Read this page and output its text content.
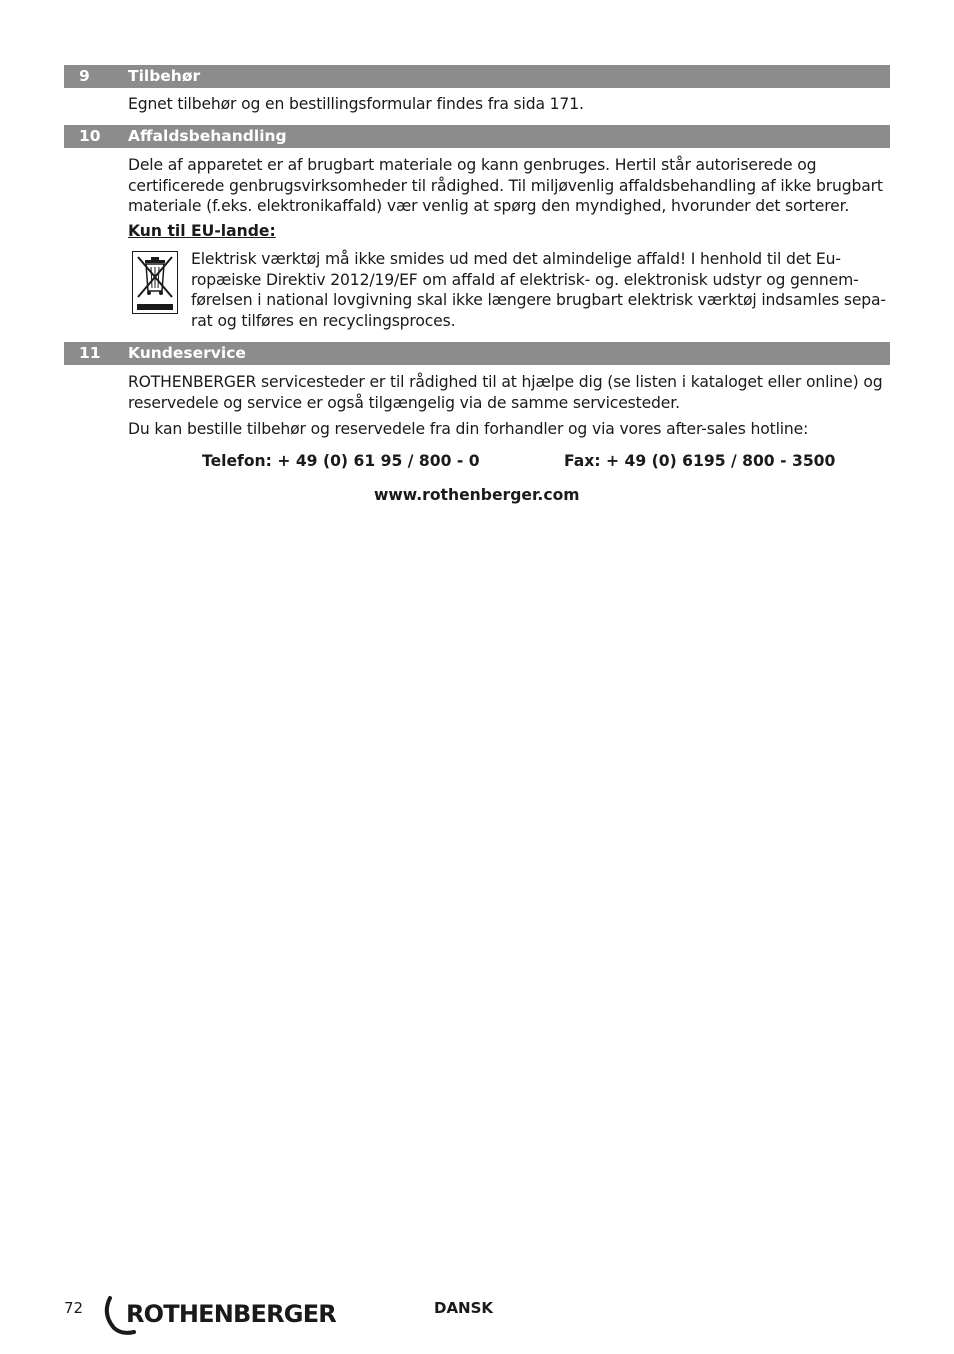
9 Tilbehør

Egnet tilbehør og en bestillingsformular findes fra sida 171.

10 Affaldsbehandling

Dele af apparetet er af brugbart materiale og kann genbruges. Hertil står autoriserede og
certificerede genbrugsvirksomheder til rådighed. Til miljøvenlig affaldsbehandling af ikke brugbart
materiale (f.eks. elektronikaffald) vær venlig at spørg den myndighed, hvorunder det sorterer.

Kun til EU-lande:

Elektrisk værktøj må ikke smides ud med det almindelige affald! I henhold til det Eu-
ropæiske Direktiv 2012/19/EF om affald af elektrisk- og. elektronisk udstyr og gennem-
førelsen i national lovgivning skal ikke længere brugbart elektrisk værktøj indsamles sepa-
rat og tilføres en recyclingsproces.

11 Kundeservice

ROTHENBERGER servicesteder er til rådighed til at hjælpe dig (se listen i kataloget eller online) og
reservedele og service er også tilgængelig via de samme servicesteder.

Du kan bestille tilbehør og reservedele fra din forhandler og via vores after-sales hotline:

Telefon: + 49 (0) 61 95 / 800 - 0	Fax: + 49 (0) 6195 / 800 - 3500
www.rothenberger.com
72 ROTHENBERGER	DANSK
